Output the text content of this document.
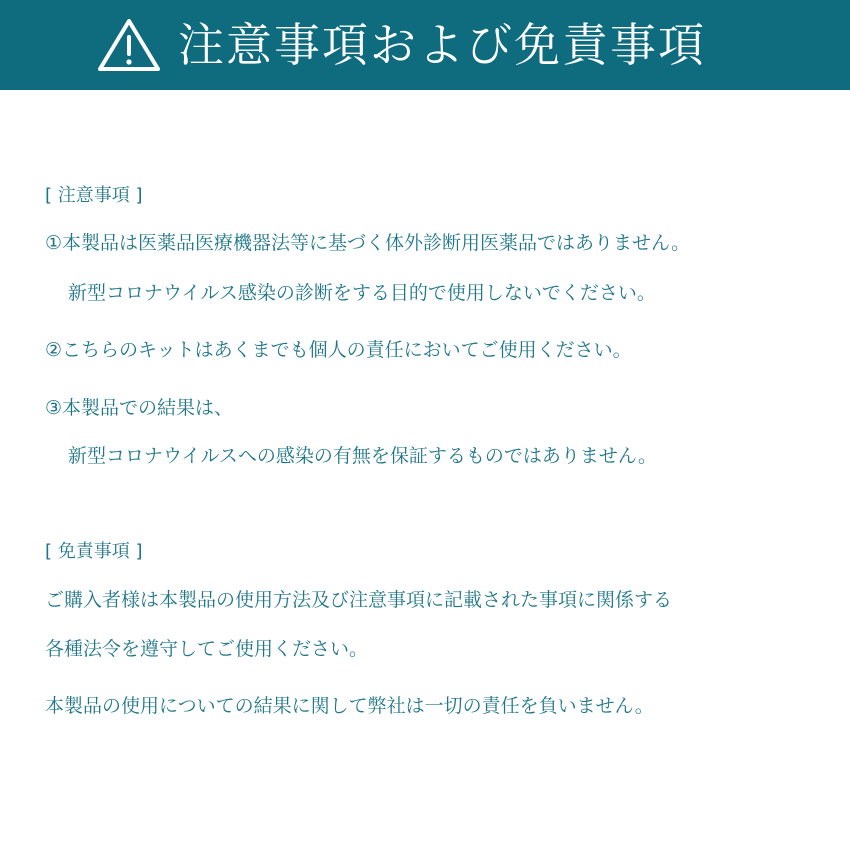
注意事項および免責事項
[ 注意事項 ]
①本製品は医薬品医療機器法等に基づく体外診断用医薬品ではありません。
新型コロナウイルス感染の診断をする目的で使用しないでください。
②こちらのキットはあくまでも個人の責任においてご使用ください。
③本製品での結果は、
新型コロナウイルスへの感染の有無を保証するものではありません。
[ 免責事項 ]
ご購入者様は本製品の使用方法及び注意事項に記載された事項に関係する
各種法令を遵守してご使用ください。
本製品の使用についての結果に関して弊社は一切の責任を負いません。
